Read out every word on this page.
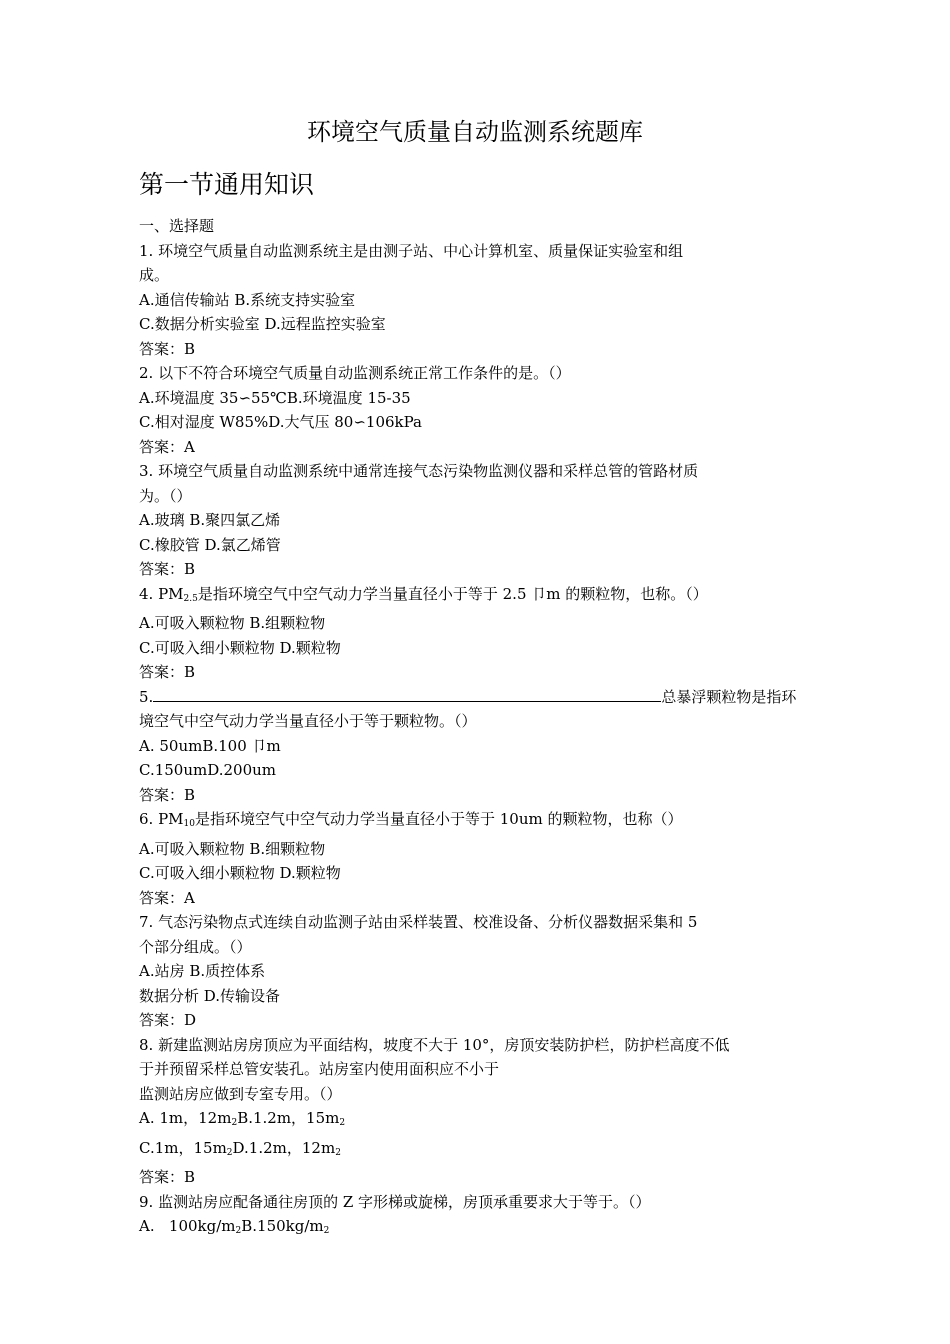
环境空气质量自动监测系统题库
第一节通用知识
一、选择题
1. 环境空气质量自动监测系统主是由测子站、中心计算机室、质量保证实验室和组
成。
A.通信传输站 B.系统支持实验室
C.数据分析实验室 D.远程监控实验室
答案：B
2. 以下不符合环境空气质量自动监测系统正常工作条件的是。（）
A.环境温度 35∽55℃B.环境温度 15-35
C.相对湿度 W85%D.大气压 80∽106kPa
答案：A
3. 环境空气质量自动监测系统中通常连接气态污染物监测仪器和采样总管的管路材质
为。（）
A.玻璃 B.聚四氯乙烯
C.橡胶管 D.氯乙烯管
答案：B
4. $PM_{2.5}$是指环境空气中空气动力学当量直径小于等于 2.5 卩m 的颗粒物，也称。（）
A.可吸入颗粒物 B.组颗粒物
C.可吸入细小颗粒物 D.颗粒物
答案：B
5.	总暴浮颗粒物是指环
境空气中空气动力学当量直径小于等于颗粒物。（）
A. 50umB.100 卩m
C.150umD.200um
答案：B
6. $PM_{10}$是指环境空气中空气动力学当量直径小于等于 10um 的颗粒物，也称（）
A.可吸入颗粒物 B.细颗粒物
C.可吸入细小颗粒物 D.颗粒物
答案：A
7. 气态污染物点式连续自动监测子站由采样装置、校准设备、分析仪器数据采集和 5
个部分组成。（）
A.站房 B.质控体系
数据分析 D.传输设备
答案：D
8. 新建监测站房房顶应为平面结构，坡度不大于 10°，房顶安装防护栏，防护栏高度不低
于并预留采样总管安装孔。站房室内使用面积应不小于
监测站房应做到专室专用。（）
A. 1m，$12m_2B.1.2m$，$15m_2$
C.1m，$15m_2D.1.2m$，$12m_2$
答案：B
9. 监测站房应配备通往房顶的 Z 字形梯或旋梯，房顶承重要求大于等于。（）
A.   $100kg/m_2B.150kg/m_2$
